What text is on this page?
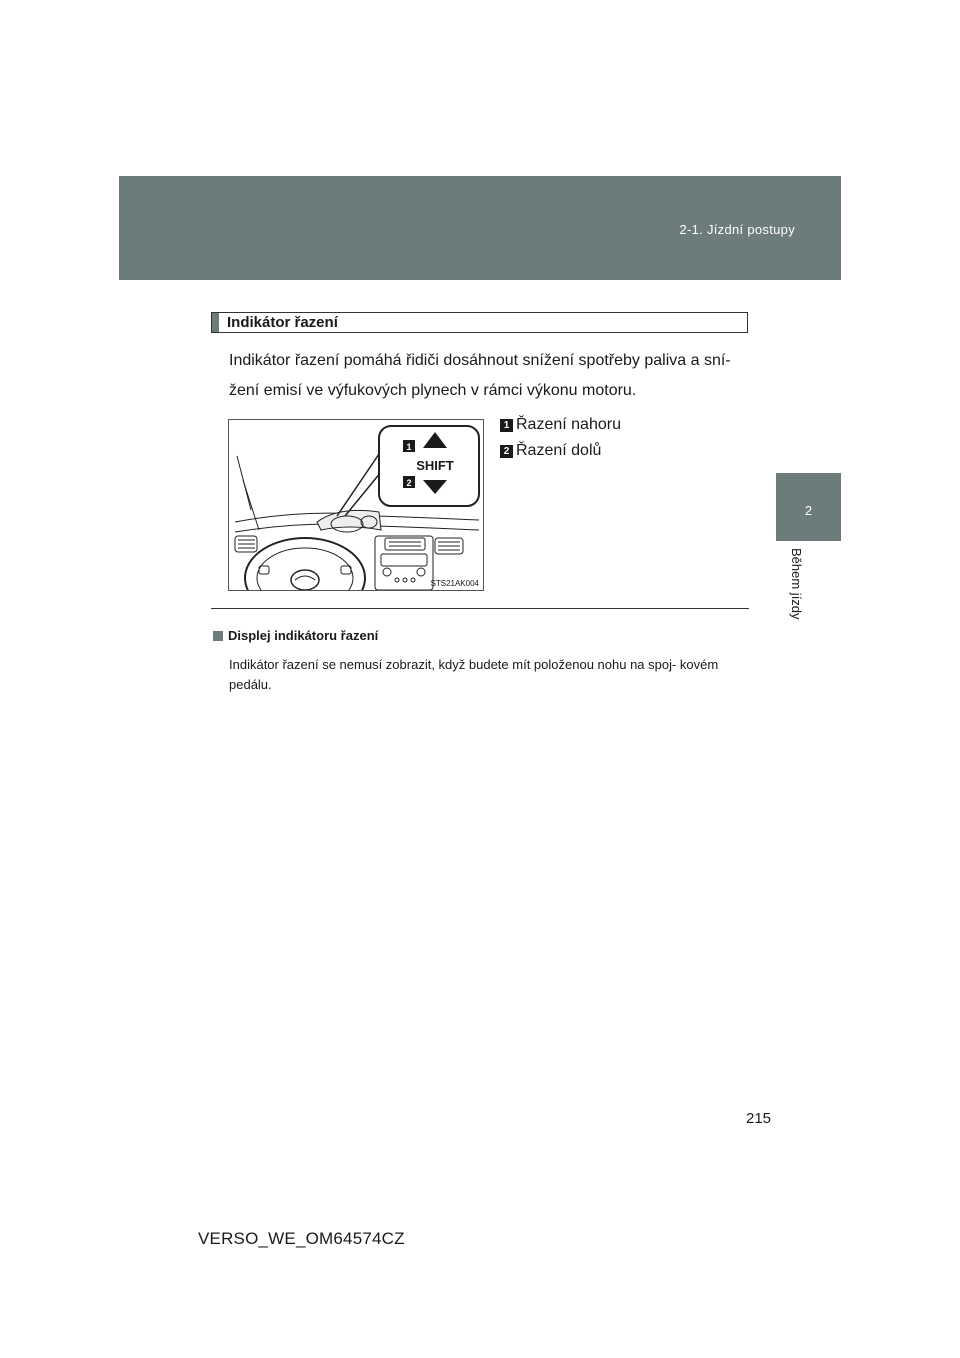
2-1. Jízdní postupy
2
Během jízdy
Indikátor řazení

Indikátor řazení pomáhá řidiči dosáhnout snížení spotřeby paliva a sní- žení emisí ve výfukových plynech v rámci výkonu motoru.

1
SHIFT
2
STS21AK004
1 Řazení nahoru
2 Řazení dolů
Displej indikátoru řazení

Indikátor řazení se nemusí zobrazit, když budete mít položenou nohu na spoj- kovém pedálu.

215
VERSO_WE_OM64574CZ
